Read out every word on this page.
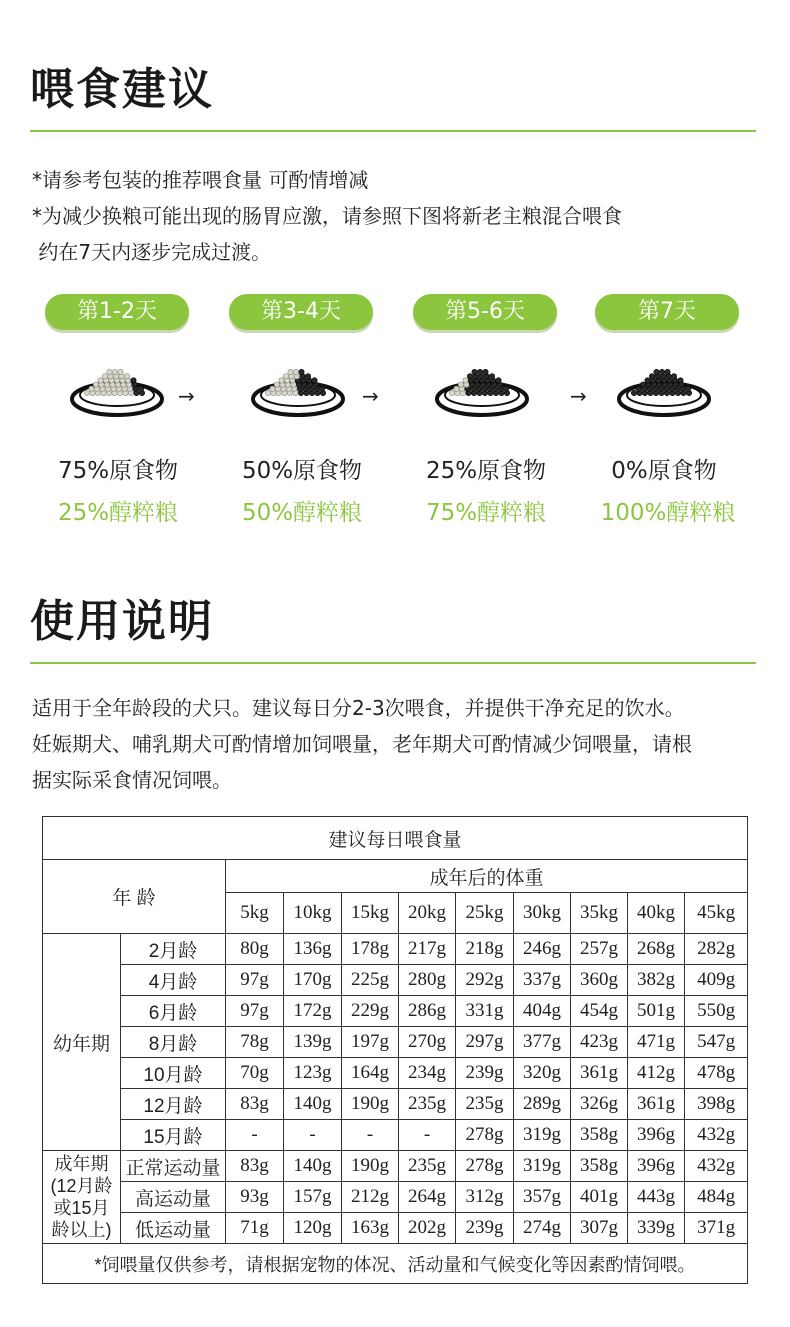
喂食建议
*请参考包装的推荐喂食量 可酌情增减
*为减少换粮可能出现的肠胃应激，请参照下图将新老主粮混合喂食
约在7天内逐步完成过渡。
第1-2天	第3-4天	第5-6天	第7天
→	→	→
75%原食物	50%原食物	25%原食物	0%原食物
25%醇粹粮	50%醇粹粮	75%醇粹粮	100%醇粹粮
使用说明
适用于全年龄段的犬只。建议每日分2-3次喂食，并提供干净充足的饮水。
妊娠期犬、哺乳期犬可酌情增加饲喂量，老年期犬可酌情减少饲喂量，请根
据实际采食情况饲喂。
建议每日喂食量										
年 龄		成年后的体重								
		5kg	10kg	15kg	20kg	25kg	30kg	35kg	40kg	45kg
幼年期	2月龄	80g	136g	178g	217g	218g	246g	257g	268g	282g
	4月龄	97g	170g	225g	280g	292g	337g	360g	382g	409g
	6月龄	97g	172g	229g	286g	331g	404g	454g	501g	550g
	8月龄	78g	139g	197g	270g	297g	377g	423g	471g	547g
	10月龄	70g	123g	164g	234g	239g	320g	361g	412g	478g
	12月龄	83g	140g	190g	235g	235g	289g	326g	361g	398g
	15月龄	-	-	-	-	278g	319g	358g	396g	432g

成年期
(12月龄
或15月
龄以上)	正常运动量	83g	140g	190g	235g	278g	319g	358g	396g	432g
	高运动量	93g	157g	212g	264g	312g	357g	401g	443g	484g
	低运动量	71g	120g	163g	202g	239g	274g	307g	339g	371g
*饲喂量仅供参考，请根据宠物的体况、活动量和气候变化等因素酌情饲喂。										
